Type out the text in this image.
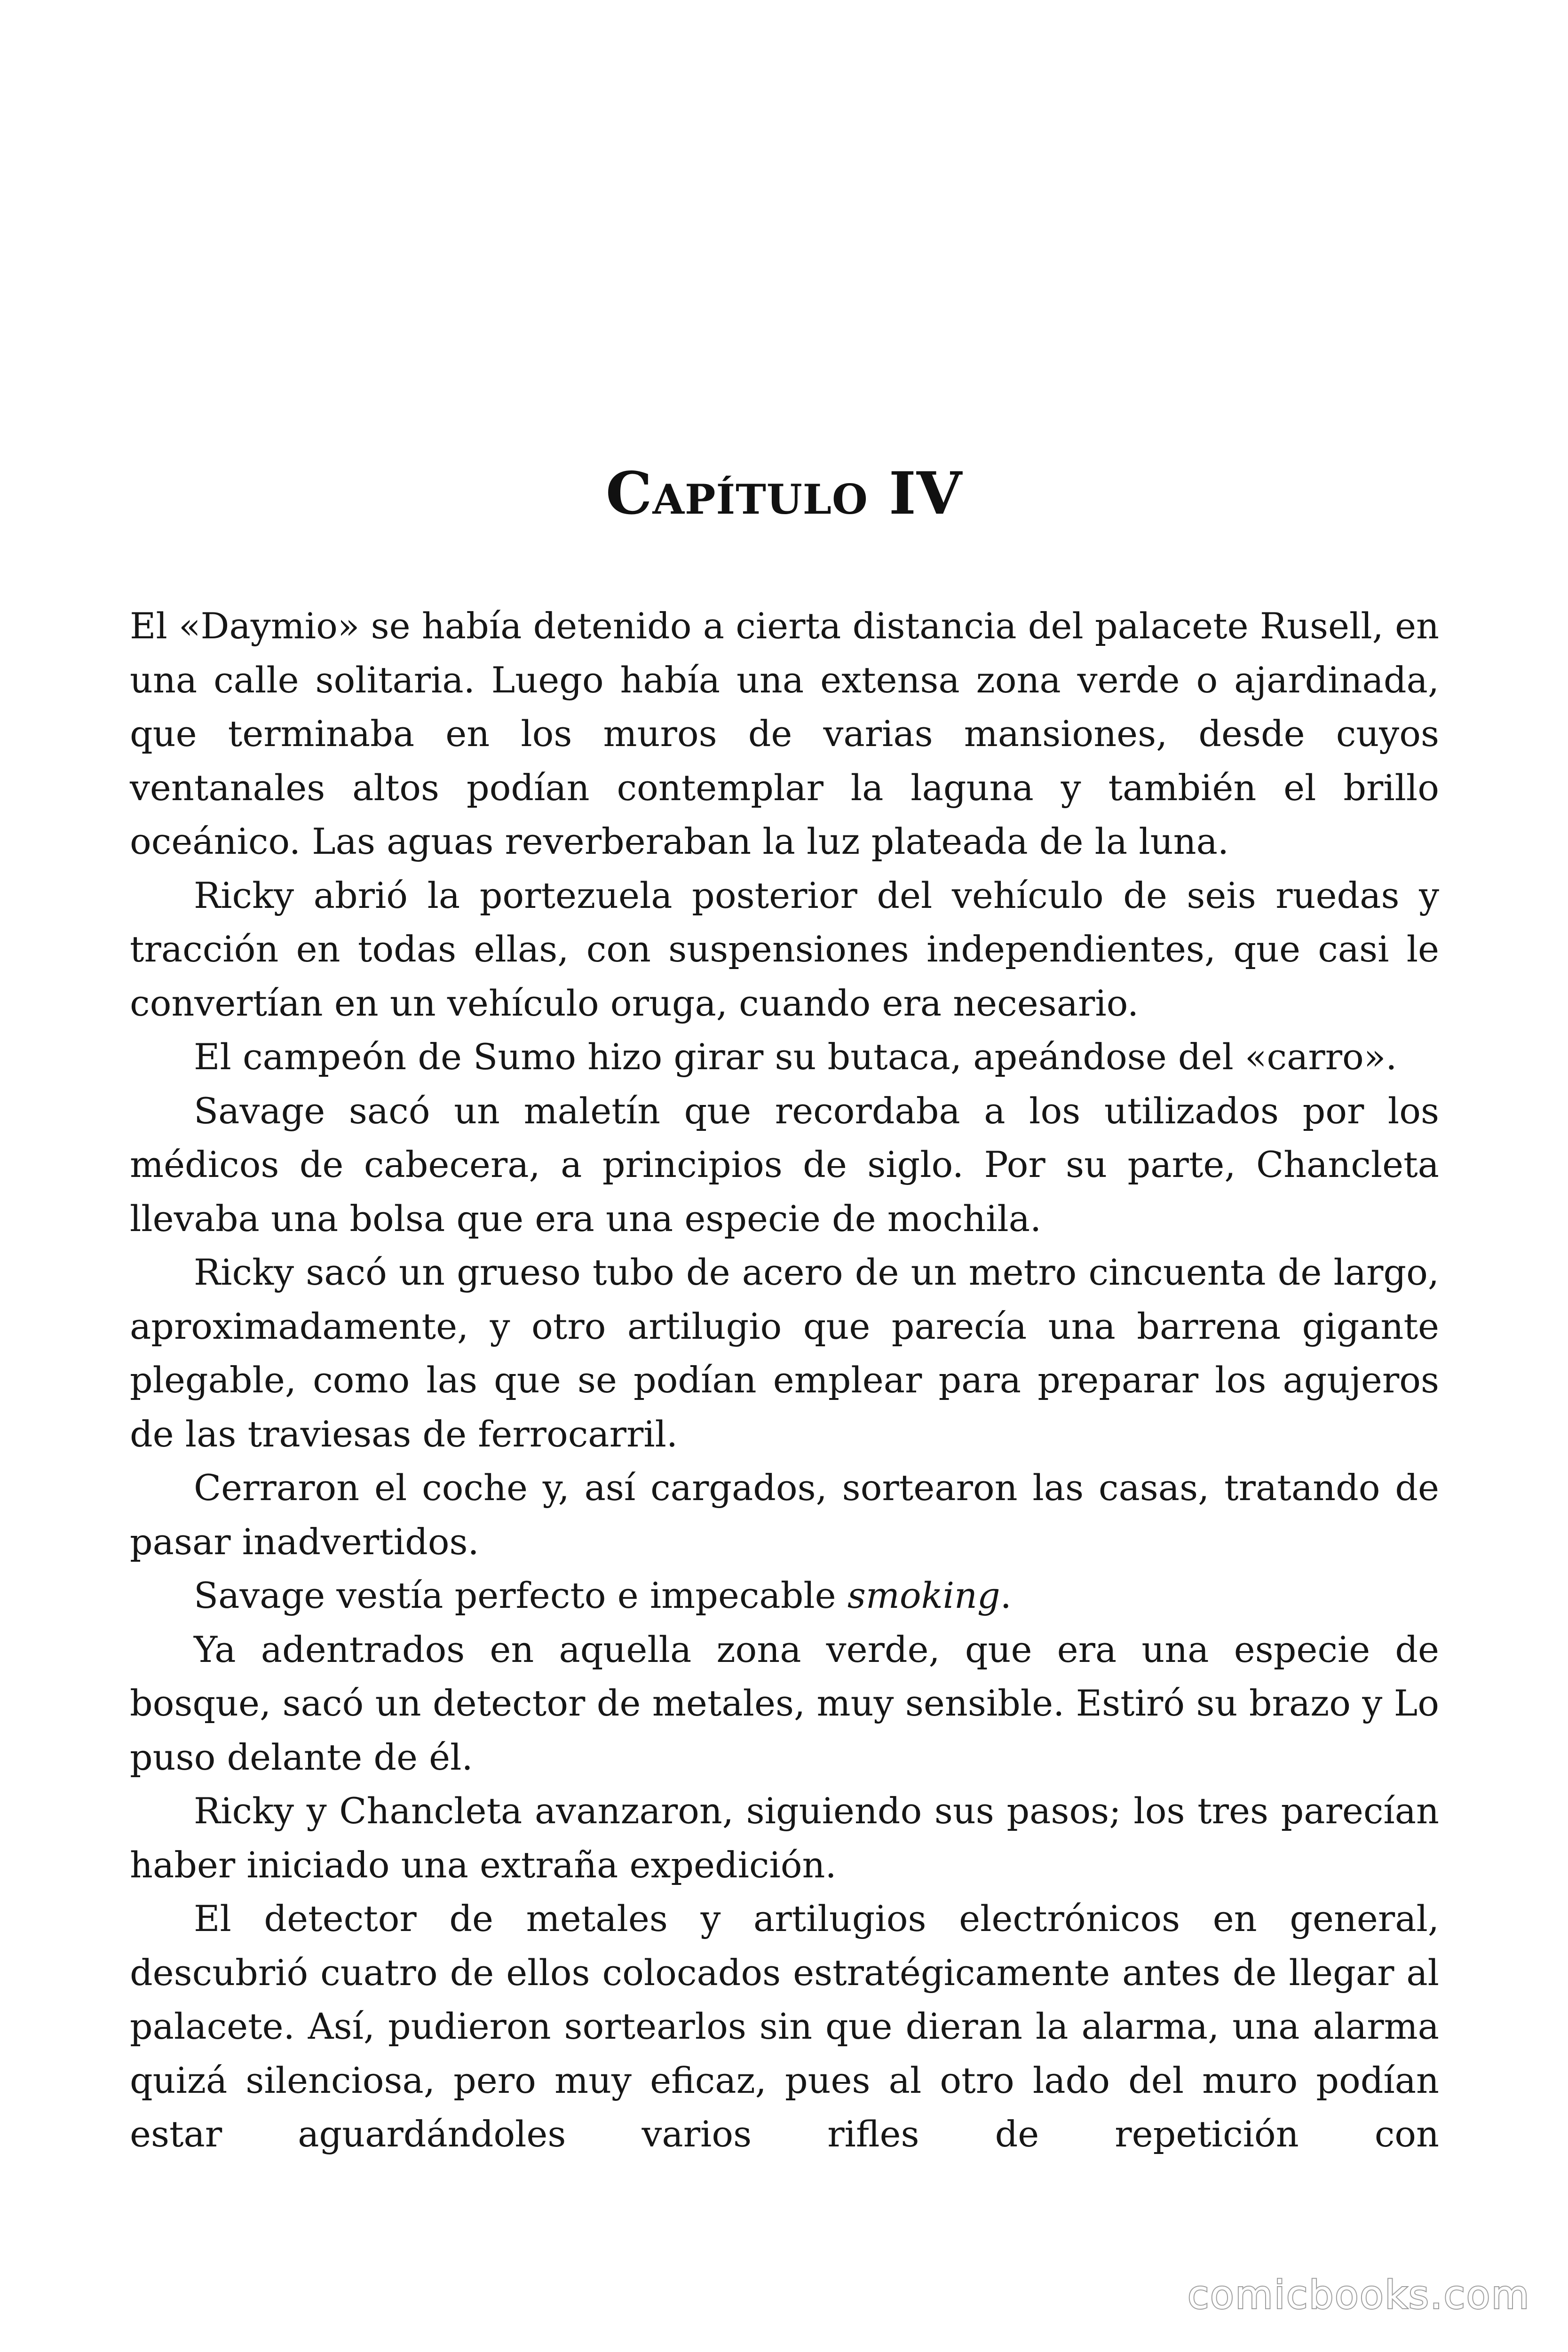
Capítulo IV

El «Daymio» se había detenido a cierta distancia del palacete Rusell, en una calle solitaria. Luego había una extensa zona verde o ajardinada, que terminaba en los muros de varias mansiones, desde cuyos ventanales altos podían contemplar la laguna y también el brillo oceánico. Las aguas reverberaban la luz plateada de la luna.

Ricky abrió la portezuela posterior del vehículo de seis ruedas y tracción en todas ellas, con suspensiones independientes, que casi le convertían en un vehículo oruga, cuando era necesario.

El campeón de Sumo hizo girar su butaca, apeándose del «carro».

Savage sacó un maletín que recordaba a los utilizados por los médicos de cabecera, a principios de siglo. Por su parte, Chancleta llevaba una bolsa que era una especie de mochila.

Ricky sacó un grueso tubo de acero de un metro cincuenta de largo, aproximadamente, y otro artilugio que parecía una barrena gigante plegable, como las que se podían emplear para preparar los agujeros de las traviesas de ferrocarril.

Cerraron el coche y, así cargados, sortearon las casas, tratando de pasar inadvertidos.

Savage vestía perfecto e impecable smoking.

Ya adentrados en aquella zona verde, que era una especie de bosque, sacó un detector de metales, muy sensible. Estiró su brazo y Lo puso delante de él.

Ricky y Chancleta avanzaron, siguiendo sus pasos; los tres parecían haber iniciado una extraña expedición.

El detector de metales y artilugios electrónicos en general, descubrió cuatro de ellos colocados estratégicamente antes de llegar al palacete. Así, pudieron sortearlos sin que dieran la alarma, una alarma quizá silenciosa, pero muy eficaz, pues al otro lado del muro podían estar aguardándoles varios rifles de repetición con

comicbooks.com
